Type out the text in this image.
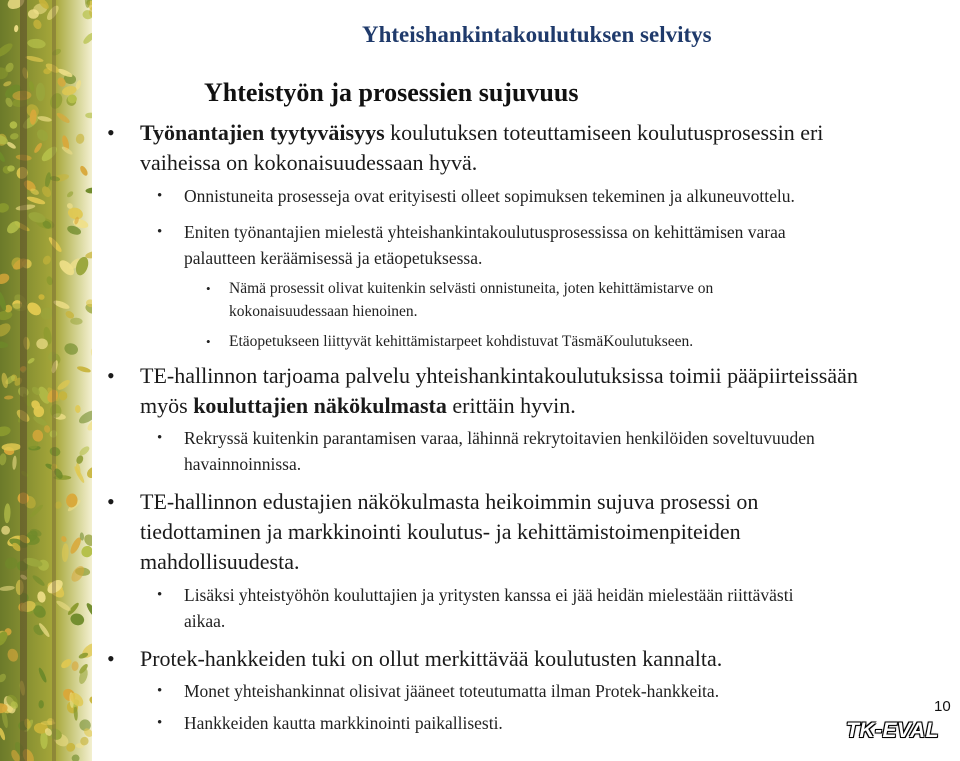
Yhteishankintakoulutuksen selvitys
Yhteistyön ja prosessien sujuvuus
• Työnantajien tyytyväisyys koulutuksen toteuttamiseen koulutusprosessin eri
vaiheissa on kokonaisuudessaan hyvä.
• Onnistuneita prosesseja ovat erityisesti olleet sopimuksen tekeminen ja alkuneuvottelu.
• Eniten työnantajien mielestä yhteishankintakoulutusprosessissa on kehittämisen varaa
palautteen keräämisessä ja etäopetuksessa.
• Nämä prosessit olivat kuitenkin selvästi onnistuneita, joten kehittämistarve on
kokonaisuudessaan hienoinen.
• Etäopetukseen liittyvät kehittämistarpeet kohdistuvat TäsmäKoulutukseen.
• TE-hallinnon tarjoama palvelu yhteishankintakoulutuksissa toimii pääpiirteissään
myös kouluttajien näkökulmasta erittäin hyvin.
• Rekryssä kuitenkin parantamisen varaa, lähinnä rekrytoitavien henkilöiden soveltuvuuden
havainnoinnissa.
• TE-hallinnon edustajien näkökulmasta heikoimmin sujuva prosessi on
tiedottaminen ja markkinointi koulutus- ja kehittämistoimenpiteiden
mahdollisuudesta.
• Lisäksi yhteistyöhön kouluttajien ja yritysten kanssa ei jää heidän mielestään riittävästi
aikaa.
• Protek-hankkeiden tuki on ollut merkittävää koulutusten kannalta.
• Monet yhteishankinnat olisivat jääneet toteutumatta ilman Protek-hankkeita.
• Hankkeiden kautta markkinointi paikallisesti.
10
TK-EVAL
